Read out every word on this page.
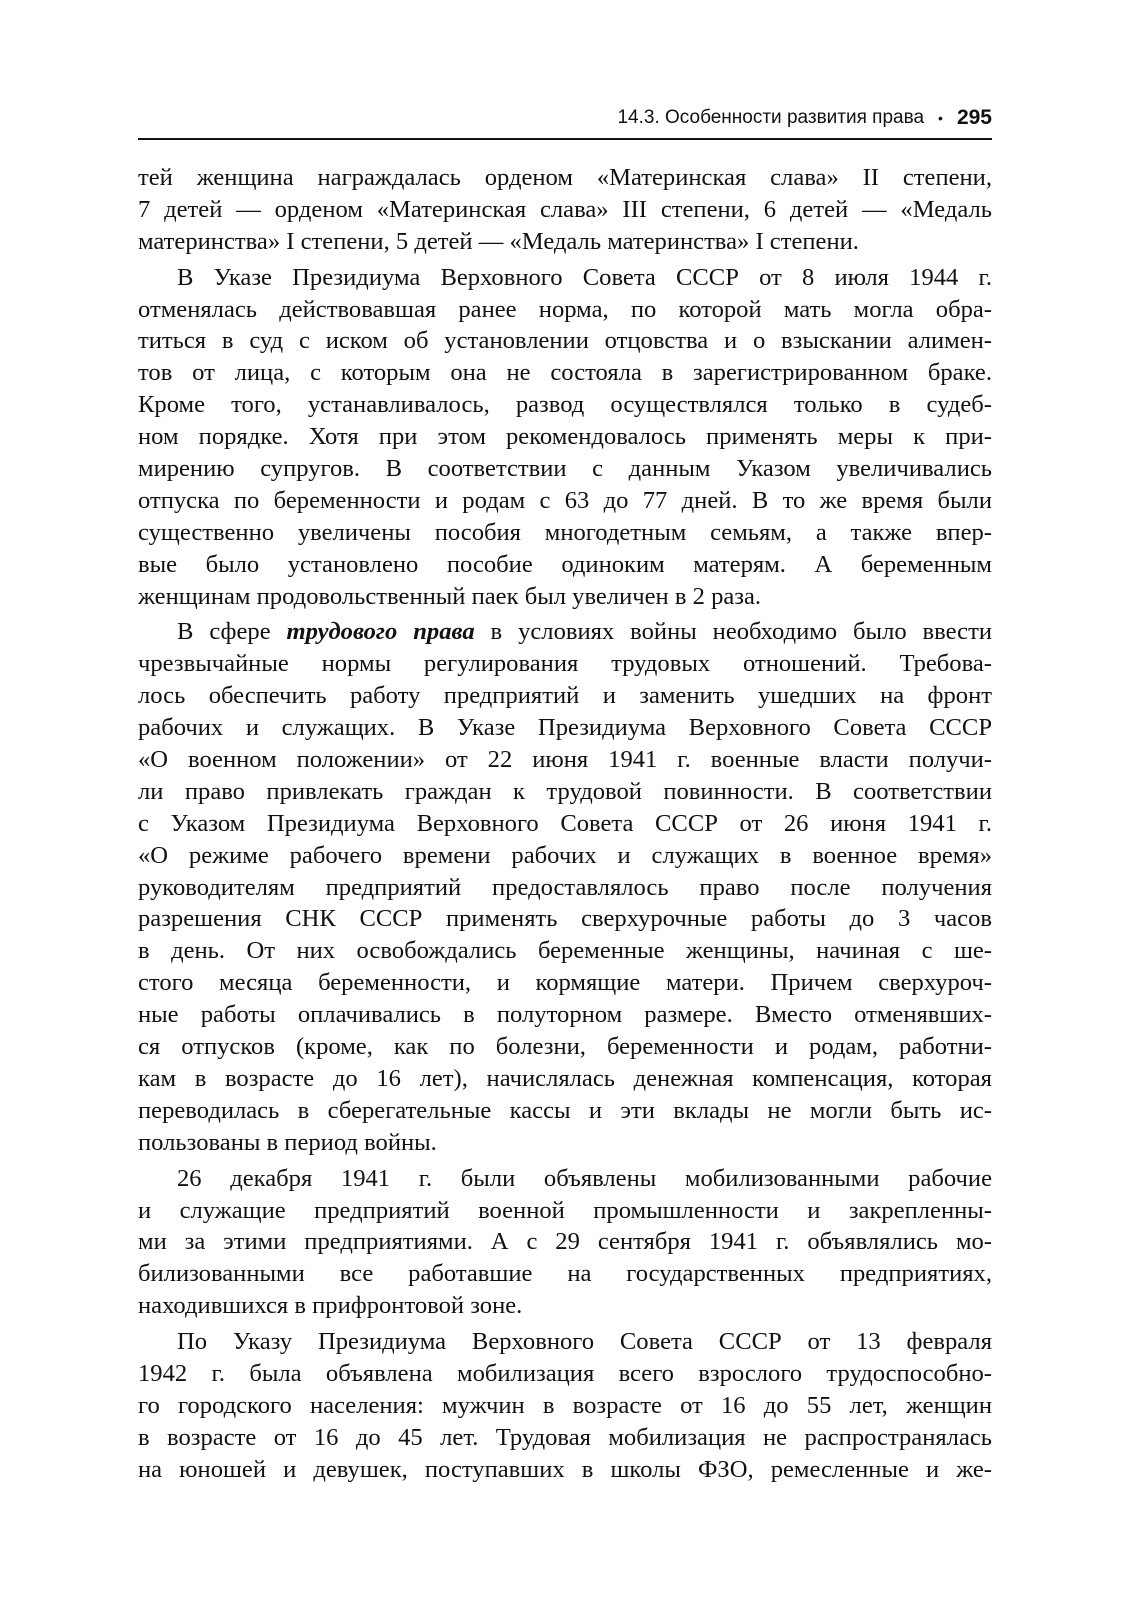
14.3. Особенности развития права • 295
тей женщина награждалась орденом «Материнская слава» II степени,
7 детей — орденом «Материнская слава» III степени, 6 детей — «Медаль
материнства» I степени, 5 детей — «Медаль материнства» I степени.
В Указе Президиума Верховного Совета СССР от 8 июля 1944 г.
отменялась действовавшая ранее норма, по которой мать могла обра-
титься в суд с иском об установлении отцовства и о взыскании алимен-
тов от лица, с которым она не состояла в зарегистрированном браке.
Кроме того, устанавливалось, развод осуществлялся только в судеб-
ном порядке. Хотя при этом рекомендовалось применять меры к при-
мирению супругов. В соответствии с данным Указом увеличивались
отпуска по беременности и родам с 63 до 77 дней. В то же время были
существенно увеличены пособия многодетным семьям, а также впер-
вые было установлено пособие одиноким матерям. А беременным
женщинам продовольственный паек был увеличен в 2 раза.
В сфере трудового права в условиях войны необходимо было ввести
чрезвычайные нормы регулирования трудовых отношений. Требова-
лось обеспечить работу предприятий и заменить ушедших на фронт
рабочих и служащих. В Указе Президиума Верховного Совета СССР
«О военном положении» от 22 июня 1941 г. военные власти получи-
ли право привлекать граждан к трудовой повинности. В соответствии
с Указом Президиума Верховного Совета СССР от 26 июня 1941 г.
«О режиме рабочего времени рабочих и служащих в военное время»
руководителям предприятий предоставлялось право после получения
разрешения СНК СССР применять сверхурочные работы до 3 часов
в день. От них освобождались беременные женщины, начиная с ше-
стого месяца беременности, и кормящие матери. Причем сверхуроч-
ные работы оплачивались в полуторном размере. Вместо отменявших-
ся отпусков (кроме, как по болезни, беременности и родам, работни-
кам в возрасте до 16 лет), начислялась денежная компенсация, которая
переводилась в сберегательные кассы и эти вклады не могли быть ис-
пользованы в период войны.
26 декабря 1941 г. были объявлены мобилизованными рабочие
и служащие предприятий военной промышленности и закрепленны-
ми за этими предприятиями. А с 29 сентября 1941 г. объявлялись мо-
билизованными все работавшие на государственных предприятиях,
находившихся в прифронтовой зоне.
По Указу Президиума Верховного Совета СССР от 13 февраля
1942 г. была объявлена мобилизация всего взрослого трудоспособно-
го городского населения: мужчин в возрасте от 16 до 55 лет, женщин
в возрасте от 16 до 45 лет. Трудовая мобилизация не распространялась
на юношей и девушек, поступавших в школы ФЗО, ремесленные и же-
